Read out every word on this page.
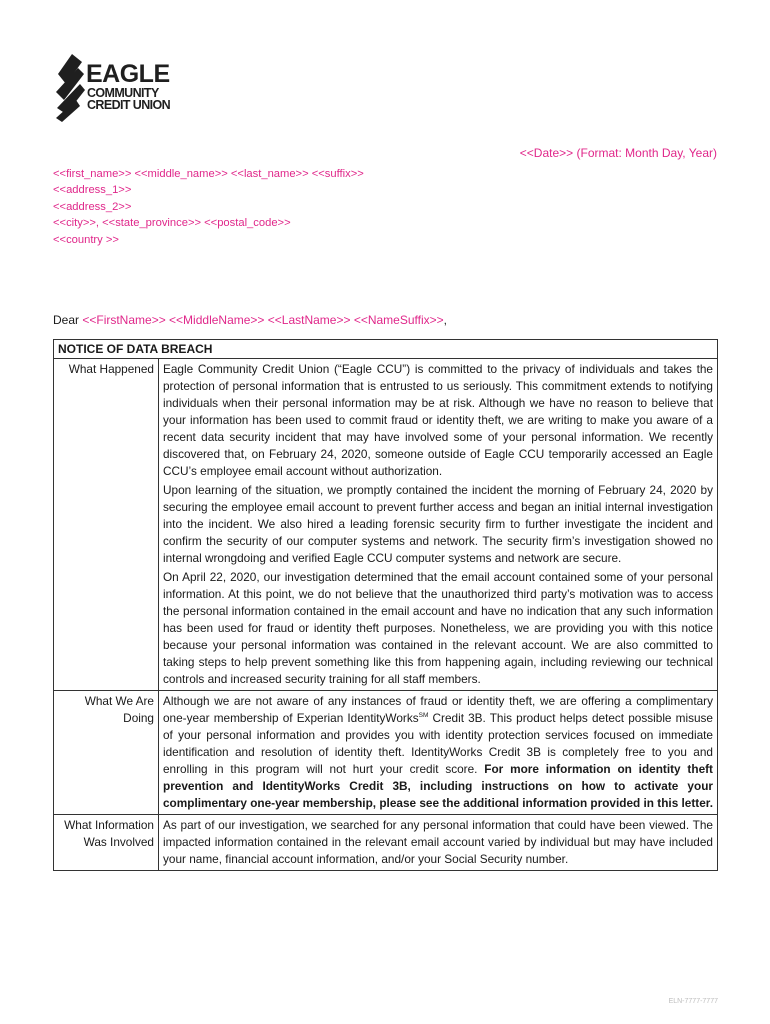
EAGLE
COMMUNITY
CREDIT UNION
<<Date>> (Format: Month Day, Year)
<<first_name>> <<middle_name>> <<last_name>> <<suffix>>
<<address_1>>
<<address_2>>
<<city>>, <<state_province>> <<postal_code>>
<<country >>
Dear <<FirstName>> <<MiddleName>> <<LastName>> <<NameSuffix>>,
NOTICE OF DATA BREACH	
What Happened	Eagle Community Credit Union (“Eagle CCU”) is committed to the privacy of individuals and takes the protection of personal information that is entrusted to us seriously. This commitment extends to notifying individuals when their personal information may be at risk. Although we have no reason to believe that your information has been used to commit fraud or identity theft, we are writing to make you aware of a recent data security incident that may have involved some of your personal information. We recently discovered that, on February 24, 2020, someone outside of Eagle CCU temporarily accessed an Eagle CCU’s employee email account without authorization.

Upon learning of the situation, we promptly contained the incident the morning of February 24, 2020 by securing the employee email account to prevent further access and began an initial internal investigation into the incident. We also hired a leading forensic security firm to further investigate the incident and confirm the security of our computer systems and network. The security firm’s investigation showed no internal wrongdoing and verified Eagle CCU computer systems and network are secure.

On April 22, 2020, our investigation determined that the email account contained some of your personal information. At this point, we do not believe that the unauthorized third party’s motivation was to access the personal information contained in the email account and have no indication that any such information has been used for fraud or identity theft purposes. Nonetheless, we are providing you with this notice because your personal information was contained in the relevant account. We are also committed to taking steps to help prevent something like this from happening again, including reviewing our technical controls and increased security training for all staff members.

What We Are Doing	Although we are not aware of any instances of fraud or identity theft, we are offering a complimentary one-year membership of Experian IdentityWorks℠ Credit 3B. This product helps detect possible misuse of your personal information and provides you with identity protection services focused on immediate identification and resolution of identity theft. IdentityWorks Credit 3B is completely free to you and enrolling in this program will not hurt your credit score. For more information on identity theft prevention and IdentityWorks Credit 3B, including instructions on how to activate your complimentary one-year membership, please see the additional information provided in this letter.

What Information Was Involved	As part of our investigation, we searched for any personal information that could have been viewed. The impacted information contained in the relevant email account varied by individual but may have included your name, financial account information, and/or your Social Security number.

ELN-7777-7777
